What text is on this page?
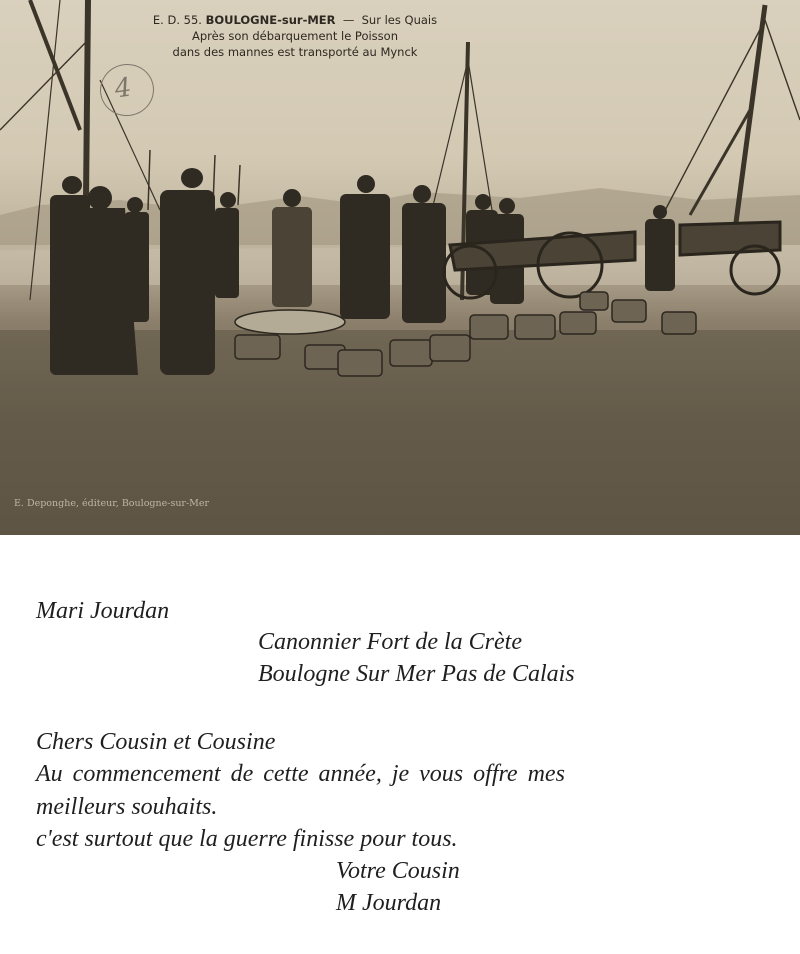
E. D. 55. BOULOGNE-sur-MER — Sur les Quais
Après son débarquement le Poisson
dans des mannes est transporté au Mynck
4
E. Deponghe, éditeur, Boulogne-sur-Mer
Mari Jourdan
Canonnier Fort de la Crète
Boulogne Sur Mer Pas de Calais
Chers Cousin et Cousine
Au commencement de cette année, je vous offre mes
meilleurs souhaits.
c'est surtout que la guerre finisse pour tous.
Votre Cousin
M Jourdan
